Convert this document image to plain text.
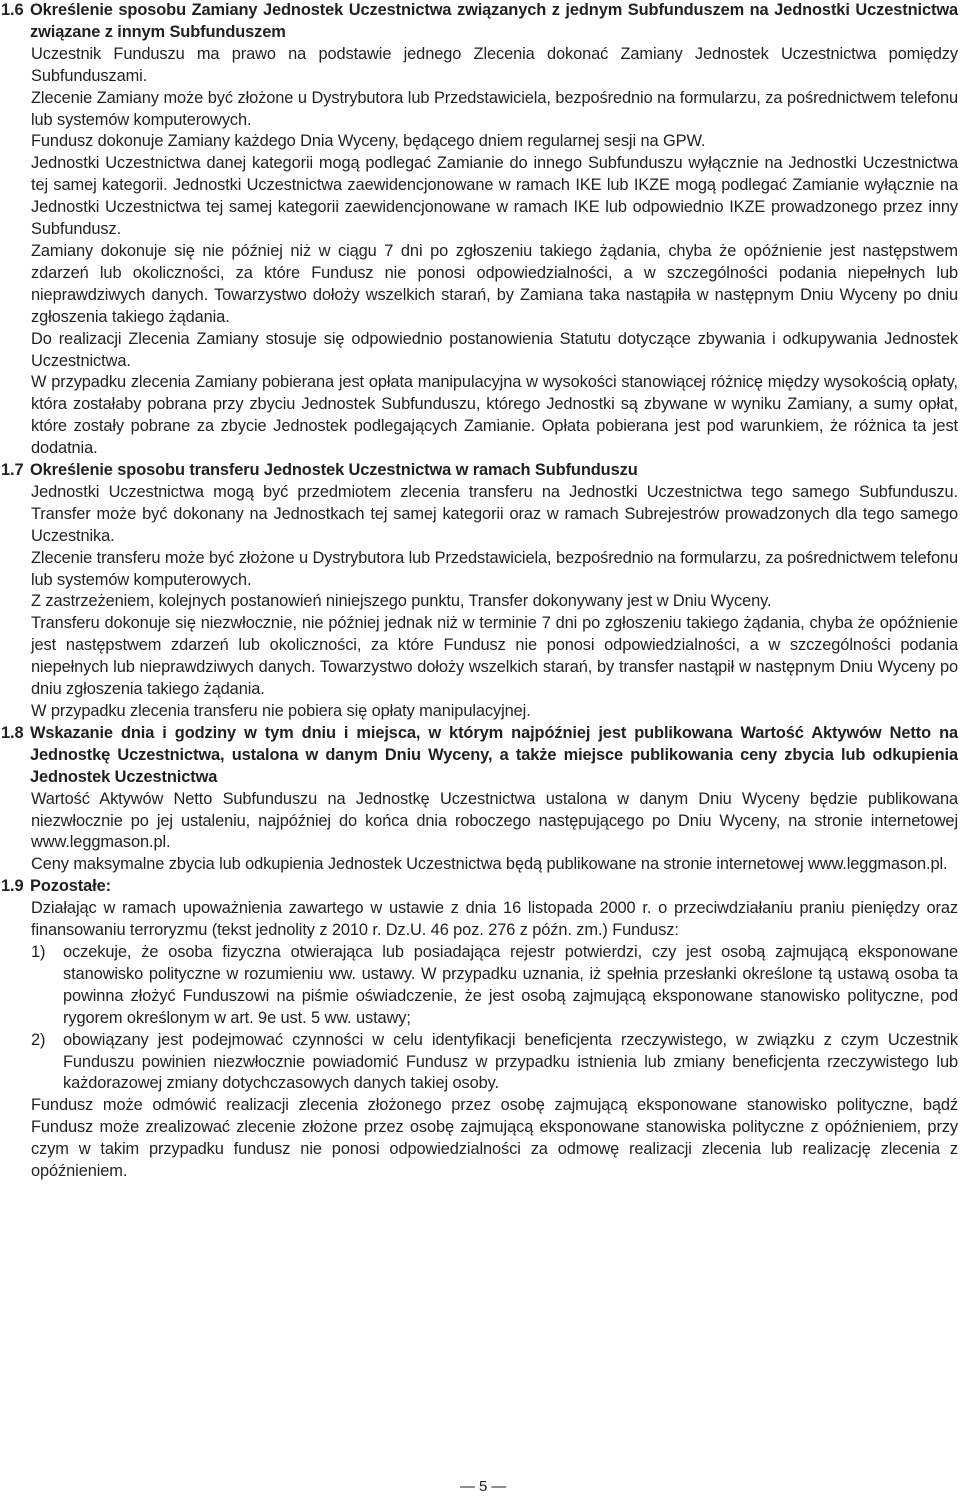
1.6 Określenie sposobu Zamiany Jednostek Uczestnictwa związanych z jednym Subfunduszem na Jednostki Uczestnictwa związane z innym Subfunduszem
Uczestnik Funduszu ma prawo na podstawie jednego Zlecenia dokonać Zamiany Jednostek Uczestnictwa pomiędzy Subfunduszami.
Zlecenie Zamiany może być złożone u Dystrybutora lub Przedstawiciela, bezpośrednio na formularzu, za pośrednictwem telefonu lub systemów komputerowych.
Fundusz dokonuje Zamiany każdego Dnia Wyceny, będącego dniem regularnej sesji na GPW.
Jednostki Uczestnictwa danej kategorii mogą podlegać Zamianie do innego Subfunduszu wyłącznie na Jednostki Uczestnictwa tej samej kategorii. Jednostki Uczestnictwa zaewidencjonowane w ramach IKE lub IKZE mogą podlegać Zamianie wyłącznie na Jednostki Uczestnictwa tej samej kategorii zaewidencjonowane w ramach IKE lub odpowiednio IKZE prowadzonego przez inny Subfundusz.
Zamiany dokonuje się nie później niż w ciągu 7 dni po zgłoszeniu takiego żądania, chyba że opóźnienie jest następstwem zdarzeń lub okoliczności, za które Fundusz nie ponosi odpowiedzialności, a w szczególności podania niepełnych lub nieprawdziwych danych. Towarzystwo dołoży wszelkich starań, by Zamiana taka nastąpiła w następnym Dniu Wyceny po dniu zgłoszenia takiego żądania.
Do realizacji Zlecenia Zamiany stosuje się odpowiednio postanowienia Statutu dotyczące zbywania i odkupywania Jednostek Uczestnictwa.
W przypadku zlecenia Zamiany pobierana jest opłata manipulacyjna w wysokości stanowiącej różnicę między wysokością opłaty, która zostałaby pobrana przy zbyciu Jednostek Subfunduszu, którego Jednostki są zbywane w wyniku Zamiany, a sumy opłat, które zostały pobrane za zbycie Jednostek podlegających Zamianie. Opłata pobierana jest pod warunkiem, że różnica ta jest dodatnia.
1.7 Określenie sposobu transferu Jednostek Uczestnictwa w ramach Subfunduszu
Jednostki Uczestnictwa mogą być przedmiotem zlecenia transferu na Jednostki Uczestnictwa tego samego Subfunduszu. Transfer może być dokonany na Jednostkach tej samej kategorii oraz w ramach Subrejestrów prowadzonych dla tego samego Uczestnika.
Zlecenie transferu może być złożone u Dystrybutora lub Przedstawiciela, bezpośrednio na formularzu, za pośrednictwem telefonu lub systemów komputerowych.
Z zastrzeżeniem, kolejnych postanowień niniejszego punktu, Transfer dokonywany jest w Dniu Wyceny.
Transferu dokonuje się niezwłocznie, nie później jednak niż w terminie 7 dni po zgłoszeniu takiego żądania, chyba że opóźnienie jest następstwem zdarzeń lub okoliczności, za które Fundusz nie ponosi odpowiedzialności, a w szczególności podania niepełnych lub nieprawdziwych danych. Towarzystwo dołoży wszelkich starań, by transfer nastąpił w następnym Dniu Wyceny po dniu zgłoszenia takiego żądania.
W przypadku zlecenia transferu nie pobiera się opłaty manipulacyjnej.
1.8 Wskazanie dnia i godziny w tym dniu i miejsca, w którym najpóźniej jest publikowana Wartość Aktywów Netto na Jednostkę Uczestnictwa, ustalona w danym Dniu Wyceny, a także miejsce publikowania ceny zbycia lub odkupienia Jednostek Uczestnictwa
Wartość Aktywów Netto Subfunduszu na Jednostkę Uczestnictwa ustalona w danym Dniu Wyceny będzie publikowana niezwłocznie po jej ustaleniu, najpóźniej do końca dnia roboczego następującego po Dniu Wyceny, na stronie internetowej www.leggmason.pl.
Ceny maksymalne zbycia lub odkupienia Jednostek Uczestnictwa będą publikowane na stronie internetowej www.leggmason.pl.
1.9 Pozostałe:
Działając w ramach upoważnienia zawartego w ustawie z dnia 16 listopada 2000 r. o przeciwdziałaniu praniu pieniędzy oraz finansowaniu terroryzmu (tekst jednolity z 2010 r. Dz.U. 46 poz. 276 z późn. zm.) Fundusz:
1)	oczekuje, że osoba fizyczna otwierająca lub posiadająca rejestr potwierdzi, czy jest osobą zajmującą eksponowane stanowisko polityczne w rozumieniu ww. ustawy. W przypadku uznania, iż spełnia przesłanki określone tą ustawą osoba ta powinna złożyć Funduszowi na piśmie oświadczenie, że jest osobą zajmującą eksponowane stanowisko polityczne, pod rygorem określonym w art. 9e ust. 5 ww. ustawy;
2)	obowiązany jest podejmować czynności w celu identyfikacji beneficjenta rzeczywistego, w związku z czym Uczestnik Funduszu powinien niezwłocznie powiadomić Fundusz w przypadku istnienia lub zmiany beneficjenta rzeczywistego lub każdorazowej zmiany dotychczasowych danych takiej osoby.
Fundusz może odmówić realizacji zlecenia złożonego przez osobę zajmującą eksponowane stanowisko polityczne, bądź Fundusz może zrealizować zlecenie złożone przez osobę zajmującą eksponowane stanowiska polityczne z opóźnieniem, przy czym w takim przypadku fundusz nie ponosi odpowiedzialności za odmowę realizacji zlecenia lub realizację zlecenia z opóźnieniem.
— 5 —
